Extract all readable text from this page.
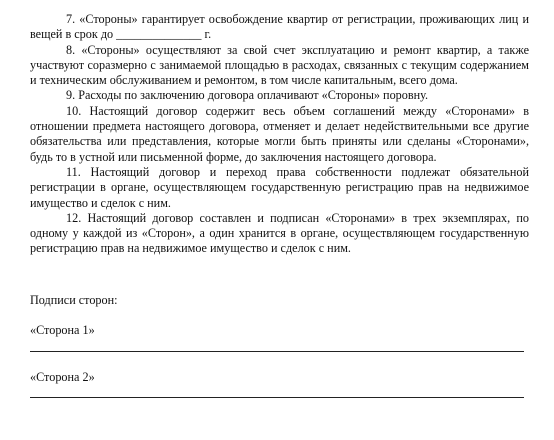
7. «Стороны» гарантирует освобождение квартир от регистрации, проживающих лиц и вещей в срок до ______________ г.

8. «Стороны» осуществляют за свой счет эксплуатацию и ремонт квартир, а также участвуют соразмерно с занимаемой площадью в расходах, связанных с текущим содержанием и техническим обслуживанием и ремонтом, в том числе капитальным, всего дома.

9. Расходы по заключению договора оплачивают «Стороны» поровну.

10. Настоящий договор содержит весь объем соглашений между «Сторонами» в отношении предмета настоящего договора, отменяет и делает недействительными все другие обязательства или представления, которые могли быть приняты или сделаны «Сторонами», будь то в устной или письменной форме, до заключения настоящего договора.

11. Настоящий договор и переход права собственности подлежат обязательной регистрации в органе, осуществляющем государственную регистрацию прав на недвижимое имущество и сделок с ним.

12. Настоящий договор составлен и подписан «Сторонами» в трех экземплярах, по одному у каждой из «Сторон», а один хранится в органе, осуществляющем государственную регистрацию прав на недвижимое имущество и сделок с ним.

Подписи сторон:

«Сторона 1»

«Сторона 2»
